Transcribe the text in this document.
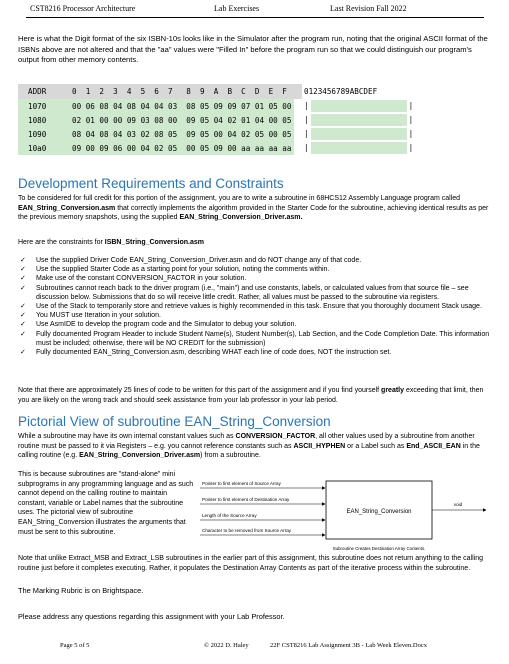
CST8216 Processor Architecture	Lab Exercises	Last Revision Fall 2022
Here is what the Digit format of the six ISBN-10s looks like in the Simulator after the program run, noting that the original ASCII format of the ISBNs above are not altered and that the "aa" values were "Filled In" before the program run so that we could distinguish our program's output from other memory contents.
ADDR	0  1  2  3  4  5  6  7   8  9  A  B  C  D  E  F		0123456789ABCDEF
1070	00 06 08 04 08 04 04 03  08 05 09 09 07 01 05 00		| |
1080	02 01 00 00 09 03 08 00  09 05 04 02 01 04 00 05		| |
1090	08 04 08 04 03 02 08 05  09 05 00 04 02 05 00 05		| |
10a0	09 00 09 06 00 04 02 05  00 05 09 00 aa aa aa aa		| |
Development Requirements and Constraints
To be considered for full credit for this portion of the assignment, you are to write a subroutine in 68HCS12 Assembly Language program called EAN_String_Conversion.asm that correctly implements the algorithm provided in the Starter Code for the subroutine, achieving identical results as per the previous memory snapshots, using the supplied EAN_String_Conversion_Driver.asm.
Here are the constraints for ISBN_String_Conversion.asm
✓ Use the supplied Driver Code EAN_String_Conversion_Driver.asm and do NOT change any of that code.
✓ Use the supplied Starter Code as a starting point for your solution, noting the comments within.
✓ Make use of the constant CONVERSION_FACTOR in your solution.
✓ Subroutines cannot reach back to the driver program (i.e., "main") and use constants, labels, or calculated values from that source file – see discussion below. Submissions that do so will receive little credit. Rather, all values must be passed to the subroutine via registers.
✓ Use of the Stack to temporarily store and retrieve values is highly recommended in this task. Ensure that you thoroughly document Stack usage.
✓ You MUST use Iteration in your solution.
✓ Use AsmIDE to develop the program code and the Simulator to debug your solution.
✓ Fully documented Program Header to include Student Name(s), Student Number(s), Lab Section, and the Code Completion Date. This information must be included; otherwise, there will be NO CREDIT for the submission)
✓ Fully documented EAN_String_Conversion.asm, describing WHAT each line of code does, NOT the instruction set.
Note that there are approximately 25 lines of code to be written for this part of the assignment and if you find yourself greatly exceeding that limit, then you are likely on the wrong track and should seek assistance from your lab professor in your lab period.
Pictorial View of subroutine EAN_String_Conversion
While a subroutine may have its own internal constant values such as CONVERSION_FACTOR, all other values used by a subroutine from another routine must be passed to it via Registers – e.g. you cannot reference constants such as ASCII_HYPHEN or a Label such as End_ASCII_EAN in the calling routine (e.g. EAN_String_Conversion_Driver.asm) from a subroutine.
This is because subroutines are "stand-alone" mini subprograms in any programming language and as such cannot depend on the calling routine to maintain constant, variable or Label names that the subroutine uses. The pictorial view of subroutine EAN_String_Conversion illustrates the arguments that must be sent to this subroutine.
Pointer to first element of Source Array
Pointer to first element of Destination Array
Length of the Source Array
Character to be removed from Source Array
EAN_String_Conversion
void
Subroutine Creates Destination Array Contents.
Note that unlike Extract_MSB and Extract_LSB subroutines in the earlier part of this assignment, this subroutine does not return anything to the calling routine just before it completes executing. Rather, it populates the Destination Array Contents as part of the iterative process within the subroutine.
The Marking Rubric is on Brightspace.
Please address any questions regarding this assignment with your Lab Professor.
Page 5 of 5	© 2022 D. Haley	22F CST8216 Lab Assignment 3B - Lab Week Eleven.Docx
